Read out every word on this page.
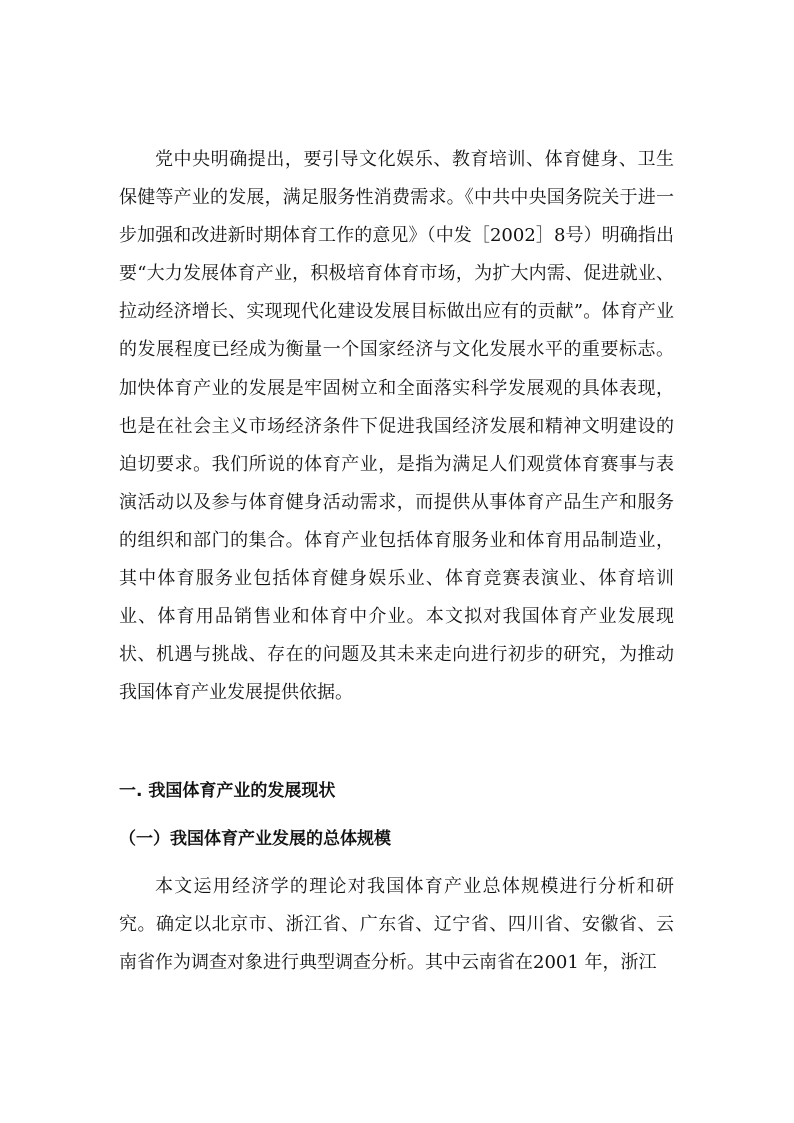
党中央明确提出，要引导文化娱乐、教育培训、体育健身、卫生保健等产业的发展，满足服务性消费需求。《中共中央国务院关于进一步加强和改进新时期体育工作的意见》（中发［2002］8号）明确指出要“大力发展体育产业，积极培育体育市场，为扩大内需、促进就业、拉动经济增长、实现现代化建设发展目标做出应有的贡献”。体育产业的发展程度已经成为衡量一个国家经济与文化发展水平的重要标志。加快体育产业的发展是牢固树立和全面落实科学发展观的具体表现，也是在社会主义市场经济条件下促进我国经济发展和精神文明建设的迫切要求。我们所说的体育产业，是指为满足人们观赏体育赛事与表演活动以及参与体育健身活动需求，而提供从事体育产品生产和服务的组织和部门的集合。体育产业包括体育服务业和体育用品制造业，其中体育服务业包括体育健身娱乐业、体育竞赛表演业、体育培训业、体育用品销售业和体育中介业。本文拟对我国体育产业发展现状、机遇与挑战、存在的问题及其未来走向进行初步的研究，为推动我国体育产业发展提供依据。

一. 我国体育产业的发展现状
（一）我国体育产业发展的总体规模

本文运用经济学的理论对我国体育产业总体规模进行分析和研究。确定以北京市、浙江省、广东省、辽宁省、四川省、安徽省、云南省作为调查对象进行典型调查分析。其中云南省在2001 年，浙江
